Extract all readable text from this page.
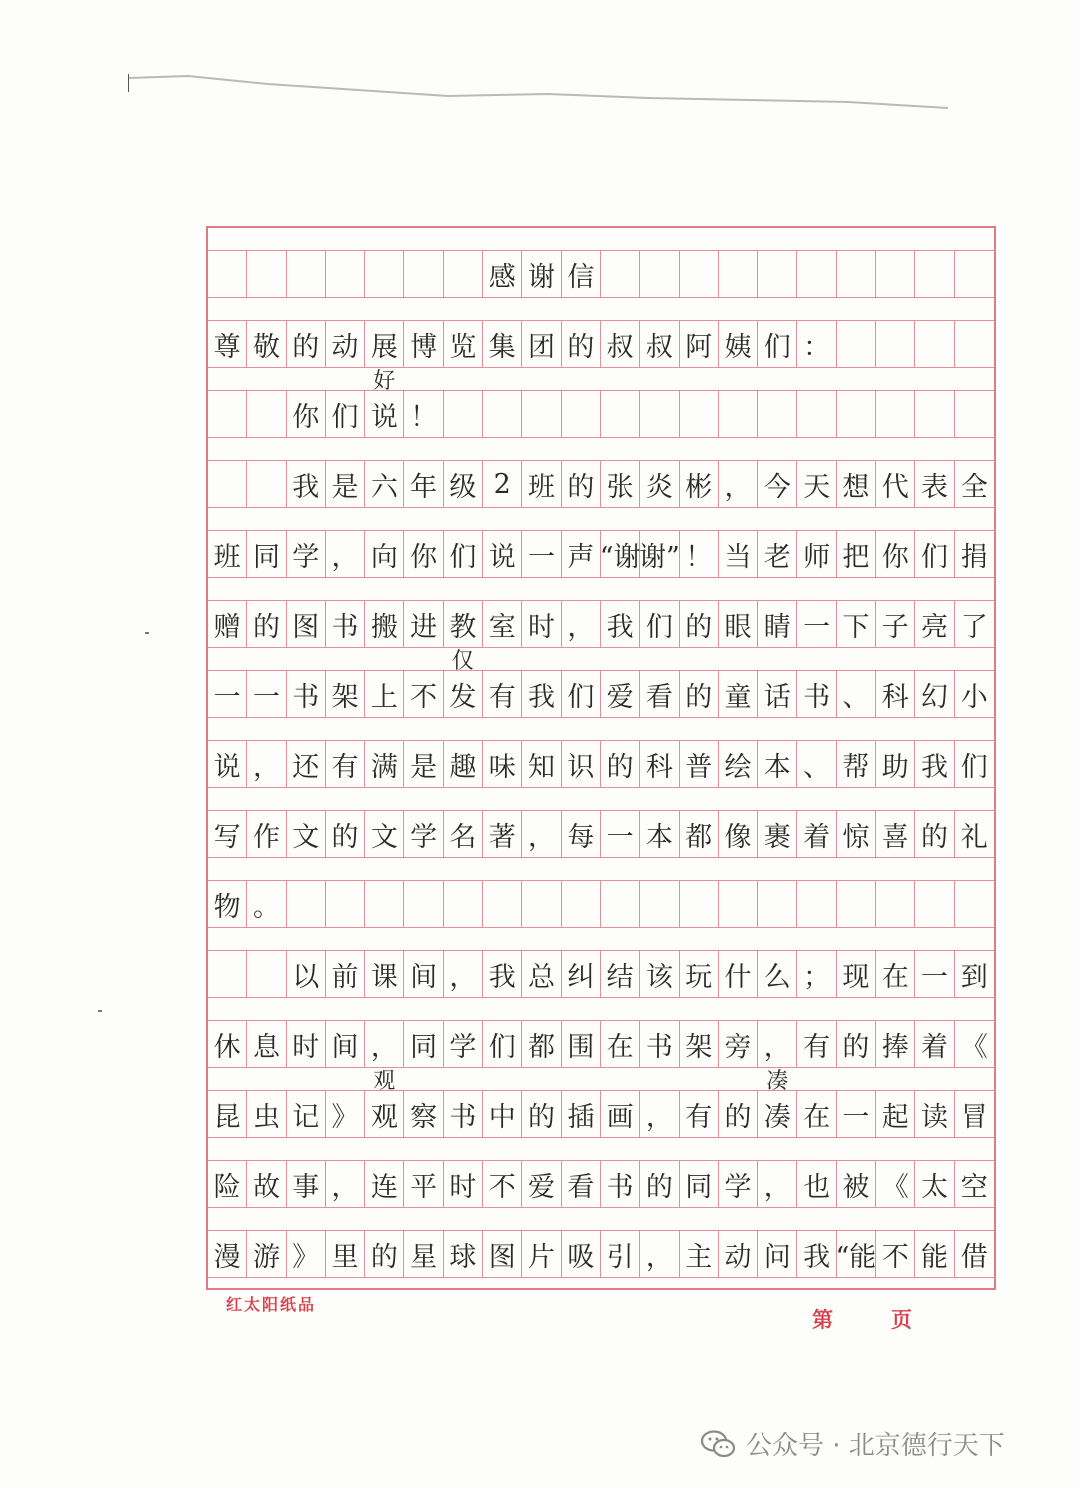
感 谢 信
尊 敬 的 动 展 博 览 集 团 的 叔 叔 阿 姨 们 ：
你 们 说 ！
我 是 六 年 级 2 班 的 张 炎 彬 ， 今 天 想 代 表 全
班 同 学 ， 向 你 们 说 一 声 “谢
谢” ！ 当 老 师 把 你 们 捐
赠 的 图 书 搬 进 教 室 时 ， 我 们 的 眼 睛 一 下 子 亮 了
一 一 书 架 上 不 发 有 我 们 爱 看 的 童 话 书 、 科 幻 小
说 ， 还 有 满 是 趣 味 知 识 的 科 普 绘 本 、 帮 助 我 们
写 作 文 的 文 学 名 著 ， 每 一 本 都 像 裹 着 惊 喜 的 礼
物 。
以 前 课 间 ， 我 总 纠 结 该 玩 什 么 ； 现 在 一 到
休 息 时 间 ， 同 学 们 都 围 在 书 架 旁 ， 有 的 捧 着 《
昆 虫 记 》 观 察 书 中 的 插 画 ， 有 的 凑 在 一 起 读 冒
险 故 事 ， 连 平 时 不 爱 看 书 的 同 学 ， 也 被 《 太 空
漫 游 》 里 的 星 球 图 片 吸 引 ， 主 动 问 我 “能 不 能 借
好
仅
观	凑
红太阳纸品
第	页
公众号 · 北京德行天下
